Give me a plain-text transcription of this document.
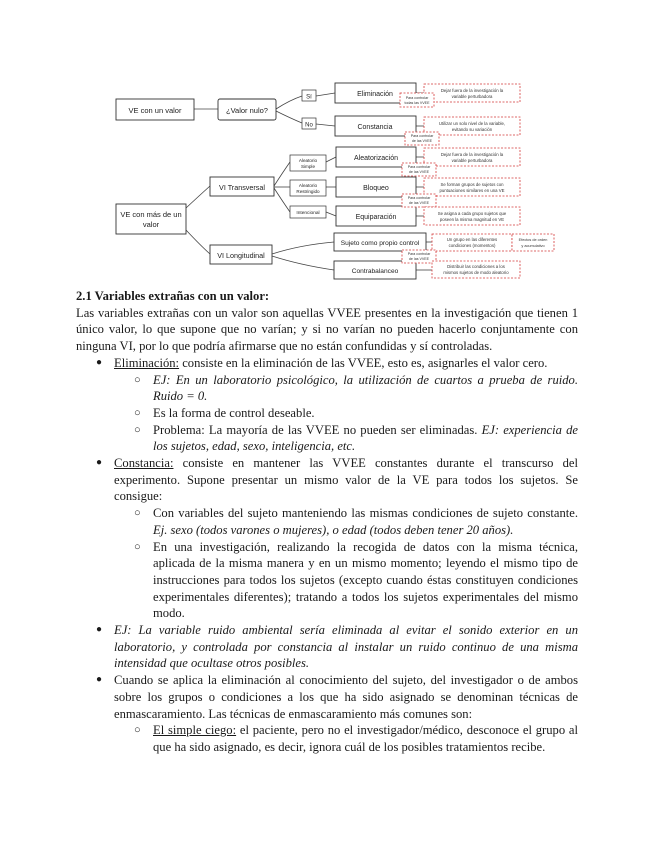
VE con un valor	¿Valor nulo?
Sí
No
Eliminación
Constancia
VE con más de un
valor
VI Transversal
VI Longitudinal
Aleatorio
Simple
Aleatorio
Restringido
Intencional
Aleatorización
Bloqueo
Equiparación
Sujeto como propio control
Contrabalanceo
Dejar fuera de la investigación la
variable perturbadora
Para controlar
todas las VVEE
Utilizar un solo nivel de la variable,
evitando su variación
Para controlar
de las VVEE
Dejar fuera de la investigación la
variable perturbadora
Para controlar
de las VVEE
Se forman grupos de sujetos con
puntuaciones similares en una VE
Para controlar
de las VVEE
Se asigna a cada grupo sujetos que
poseen la misma magnitud en VE
Un grupo en las diferentes
condiciones (momentos)
Efectos de orden
y acumulativo
Para controlar
de las VVEE
Distribuir las condiciones a los
mismos sujetos de modo aleatorio

2.1 Variables extrañas con un valor:

Las variables extrañas con un valor son aquellas VVEE presentes en la investigación que tienen 1 único valor, lo que supone que no varían; y si no varían no pueden hacerlo conjuntamente con ninguna VI, por lo que podría afirmarse que no están confundidas y sí controladas.

● Eliminación: consiste en la eliminación de las VVEE, esto es, asignarles el valor cero.
○ EJ: En un laboratorio psicológico, la utilización de cuartos a prueba de ruido. Ruido = 0.
○ Es la forma de control deseable.
○ Problema: La mayoría de las VVEE no pueden ser eliminadas. EJ: experiencia de los sujetos, edad, sexo, inteligencia, etc.
● Constancia: consiste en mantener las VVEE constantes durante el transcurso del experimento. Supone presentar un mismo valor de la VE para todos los sujetos. Se consigue:
○ Con variables del sujeto manteniendo las mismas condiciones de sujeto constante. Ej. sexo (todos varones o mujeres), o edad (todos deben tener 20 años).
○ En una investigación, realizando la recogida de datos con la misma técnica, aplicada de la misma manera y en un mismo momento; leyendo el mismo tipo de instrucciones para todos los sujetos (excepto cuando éstas constituyen condiciones experimentales diferentes); tratando a todos los sujetos experimentales del mismo modo.
● EJ: La variable ruido ambiental sería eliminada al evitar el sonido exterior en un laboratorio, y controlada por constancia al instalar un ruido continuo de una misma intensidad que ocultase otros posibles.
● Cuando se aplica la eliminación al conocimiento del sujeto, del investigador o de ambos sobre los grupos o condiciones a los que ha sido asignado se denominan técnicas de enmascaramiento. Las técnicas de enmascaramiento más comunes son:
○ El simple ciego: el paciente, pero no el investigador/médico, desconoce el grupo al que ha sido asignado, es decir, ignora cuál de los posibles tratamientos recibe.
